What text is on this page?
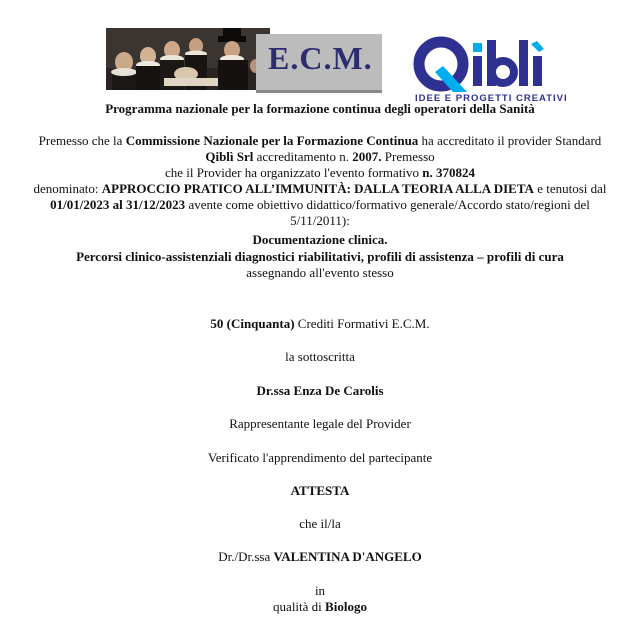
E.C.M.
IDEE E PROGETTI CREATIVI
Programma nazionale per la formazione continua degli operatori della Sanità
Premesso che la Commissione Nazionale per la Formazione Continua ha accreditato il provider Standard
Qiblì Srl accreditamento n. 2007. Premesso
che il Provider ha organizzato l'evento formativo n. 370824
denominato: APPROCCIO PRATICO ALL’IMMUNITÀ: DALLA TEORIA ALLA DIETA e tenutosi dal
01/01/2023 al 31/12/2023 avente come obiettivo didattico/formativo generale/Accordo stato/regioni del
5/11/2011):
Documentazione clinica.
Percorsi clinico-assistenziali diagnostici riabilitativi, profili di assistenza – profili di cura
assegnando all'evento stesso
50 (Cinquanta) Crediti Formativi E.C.M.
la sottoscritta
Dr.ssa Enza De Carolis
Rappresentante legale del Provider
Verificato l'apprendimento del partecipante
ATTESTA
che il/la
Dr./Dr.ssa VALENTINA D'ANGELO
in
qualità di Biologo
